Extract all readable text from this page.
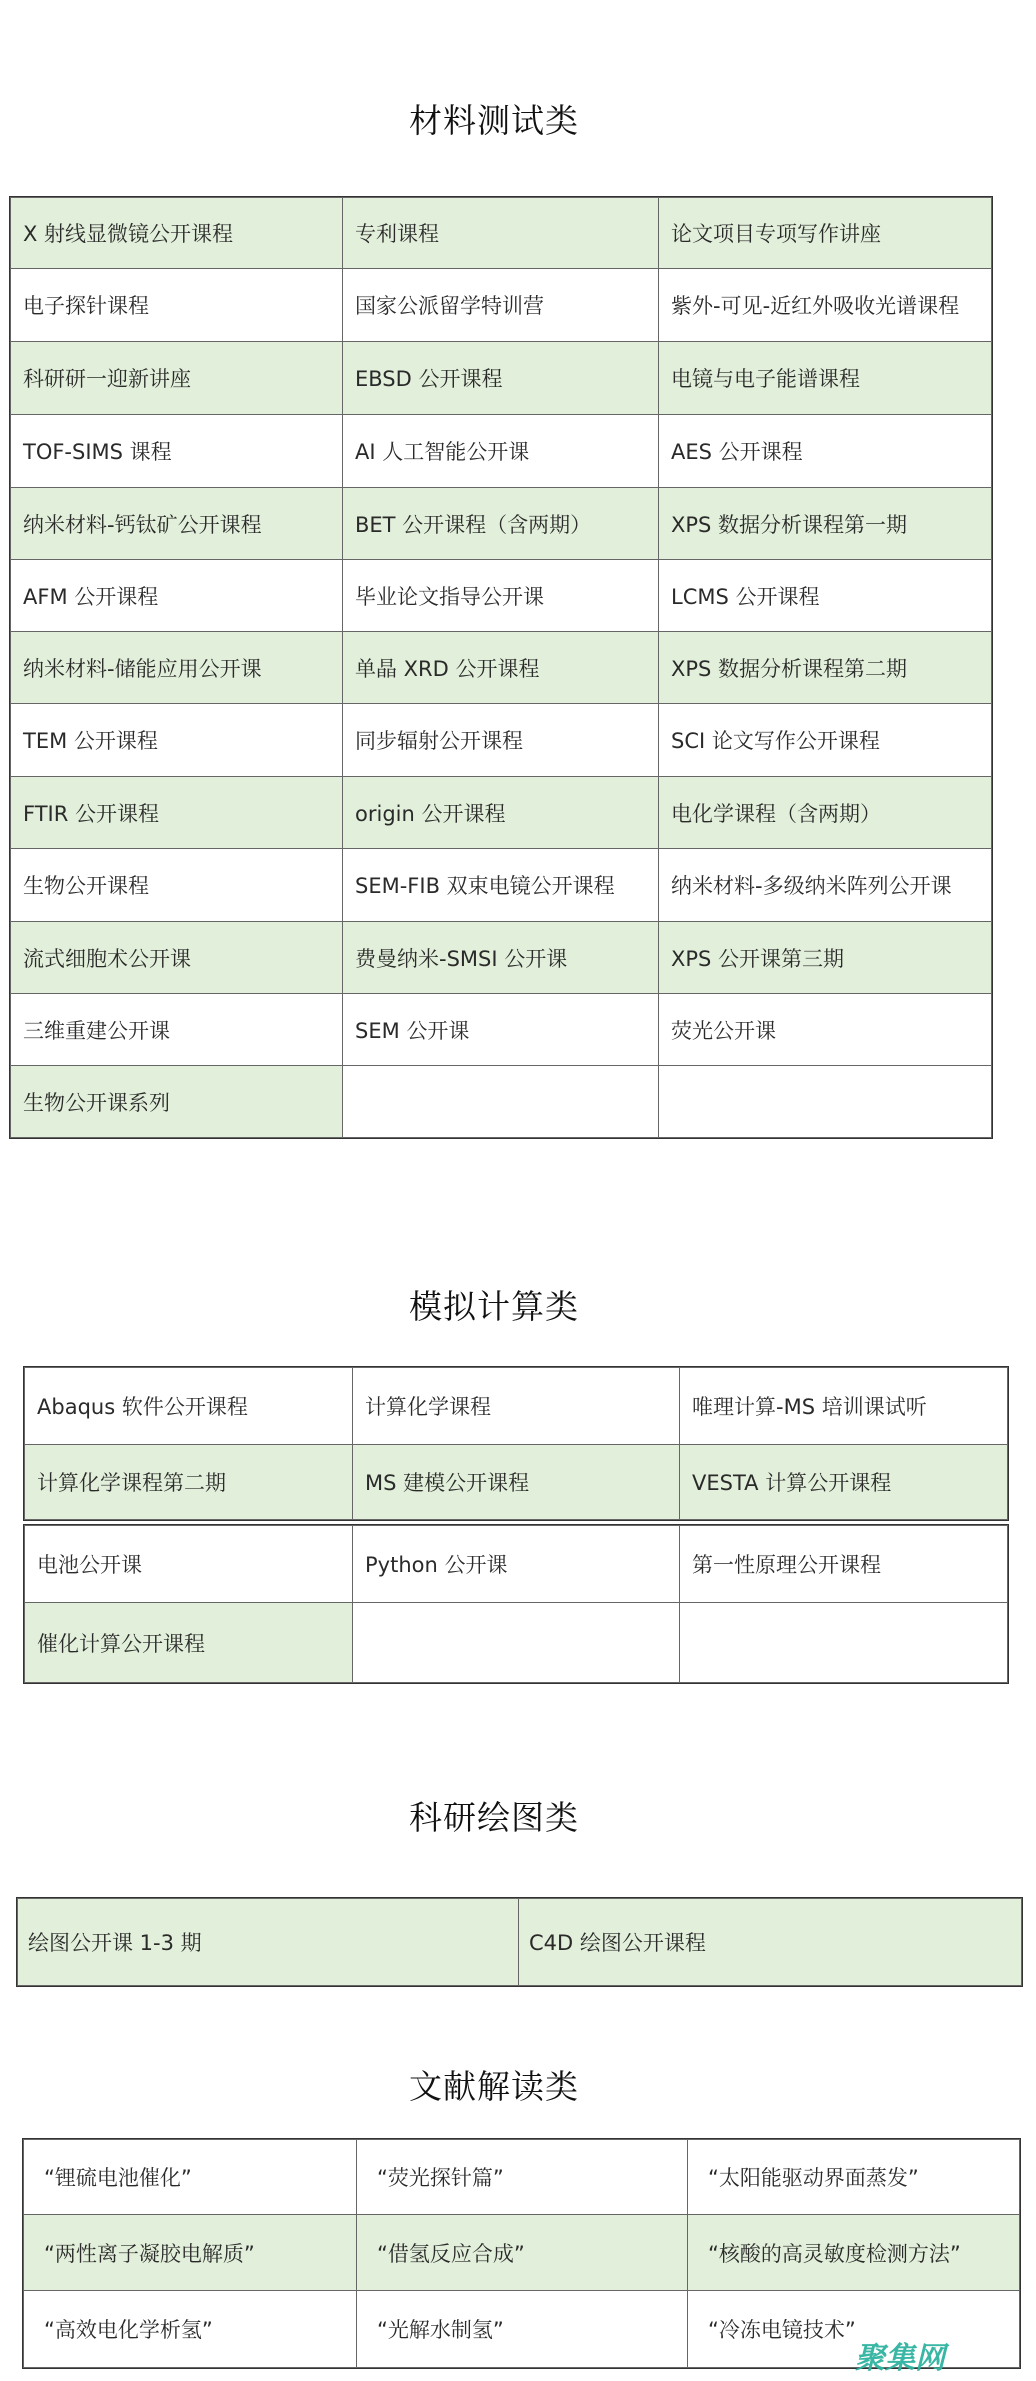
材料测试类
X 射线显微镜公开课程	专利课程	论文项目专项写作讲座
电子探针课程	国家公派留学特训营	紫外-可见-近红外吸收光谱课程
科研研一迎新讲座	EBSD 公开课程	电镜与电子能谱课程
TOF-SIMS 课程	AI 人工智能公开课	AES 公开课程
纳米材料-钙钛矿公开课程	BET 公开课程（含两期）	XPS 数据分析课程第一期
AFM 公开课程	毕业论文指导公开课	LCMS 公开课程
纳米材料-储能应用公开课	单晶 XRD 公开课程	XPS 数据分析课程第二期
TEM 公开课程	同步辐射公开课程	SCI 论文写作公开课程
FTIR 公开课程	origin 公开课程	电化学课程（含两期）
生物公开课程	SEM-FIB 双束电镜公开课程	纳米材料-多级纳米阵列公开课
流式细胞术公开课	费曼纳米-SMSI 公开课	XPS 公开课第三期
三维重建公开课	SEM 公开课	荧光公开课
生物公开课系列		
模拟计算类
Abaqus 软件公开课程	计算化学课程	唯理计算-MS 培训课试听
计算化学课程第二期	MS 建模公开课程	VESTA 计算公开课程
电池公开课	Python 公开课	第一性原理公开课程
催化计算公开课程		
科研绘图类
绘图公开课 1-3 期	C4D 绘图公开课程
文献解读类
“锂硫电池催化”	“荧光探针篇”	“太阳能驱动界面蒸发”
“两性离子凝胶电解质”	“借氢反应合成”	“核酸的高灵敏度检测方法”
“高效电化学析氢”	“光解水制氢”	“冷冻电镜技术”
聚集网
